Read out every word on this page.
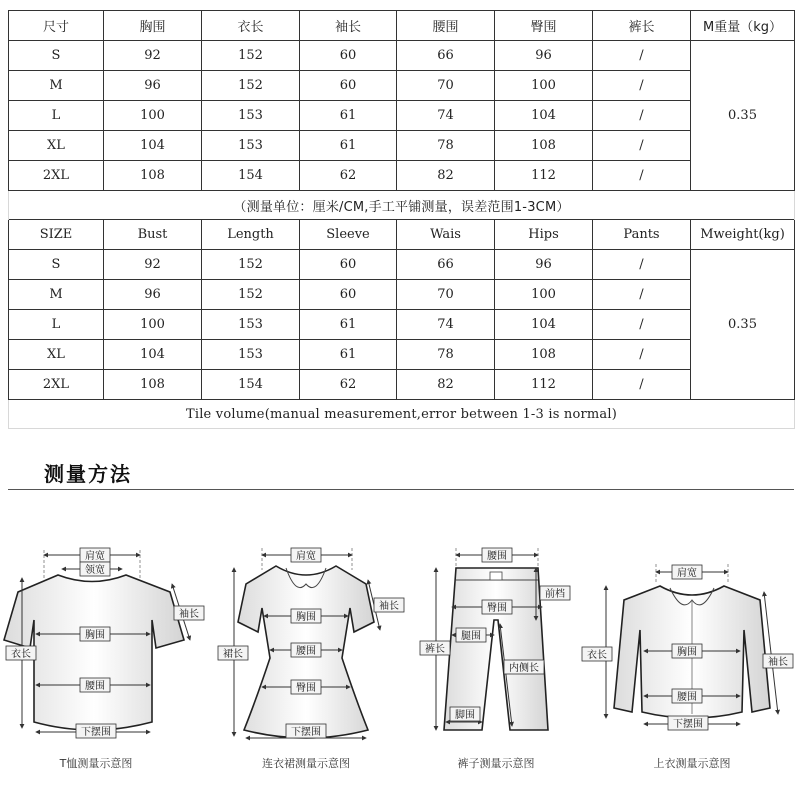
尺寸	胸围	衣长	袖长	腰围	臀围	裤长	M重量（kg）
S	92	152	60	66	96	/	0.35
M	96	152	60	70	100	/	
L	100	153	61	74	104	/	
XL	104	153	61	78	108	/	
2XL	108	154	62	82	112	/	
（测量单位：厘米/CM,手工平铺测量，误差范围1-3CM）							
SIZE	Bust	Length	Sleeve	Wais	Hips	Pants	Mweight(kg)
S	92	152	60	66	96	/	0.35
M	96	152	60	70	100	/	
L	100	153	61	74	104	/	
XL	104	153	61	78	108	/	
2XL	108	154	62	82	112	/	
Tile volume(manual measurement,error between 1-3 is normal)							
测量方法
肩宽
领宽
袖长
胸围
衣长
腰围
下摆围
T恤测量示意图
肩宽
袖长
胸围
裙长	腰围
臀围
下摆围
连衣裙测量示意图
腰围
前档
臀围
腿围
裤长
内侧长
脚围
裤子测量示意图
肩宽
衣长	胸围
袖长
腰围
下摆围
上衣测量示意图
